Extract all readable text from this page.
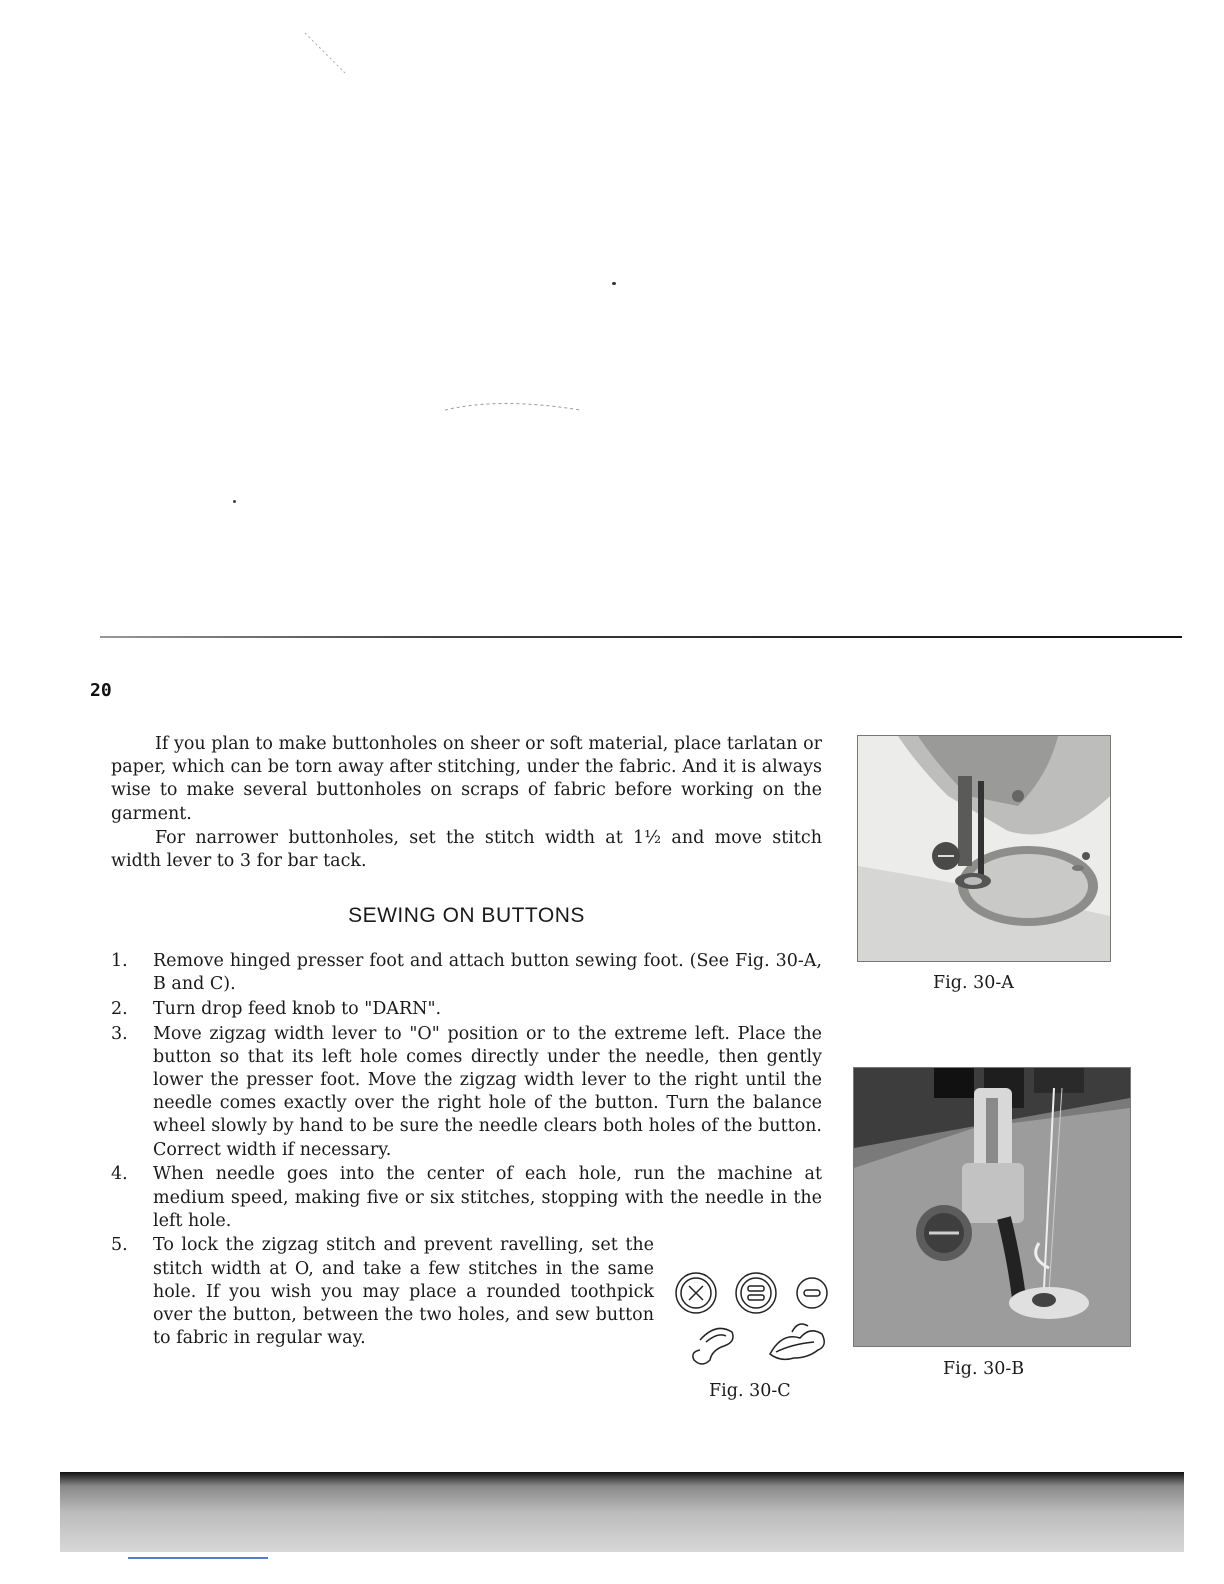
20

If you plan to make buttonholes on sheer or soft material, place tarlatan or paper, which can be torn away after stitching, under the fabric. And it is always wise to make several buttonholes on scraps of fabric before working on the garment.

For narrower buttonholes, set the stitch width at 1½ and move stitch width lever to 3 for bar tack.

SEWING ON BUTTONS
1. Remove hinged presser foot and attach button sewing foot. (See Fig. 30-A, B and C).
2. Turn drop feed knob to "DARN".
3. Move zigzag width lever to "O" position or to the extreme left. Place the button so that its left hole comes directly under the needle, then gently lower the presser foot. Move the zigzag width lever to the right until the needle comes exactly over the right hole of the button. Turn the balance wheel slowly by hand to be sure the needle clears both holes of the button. Correct width if necessary.
4. When needle goes into the center of each hole, run the machine at medium speed, making five or six stitches, stopping with the needle in the left hole.
5. To lock the zigzag stitch and prevent ravelling, set the stitch width at O, and take a few stitches in the same hole. If you wish you may place a rounded toothpick over the button, between the two holes, and sew button to fabric in regular way.
Fig. 30-A
Fig. 30-B
Fig. 30-C
